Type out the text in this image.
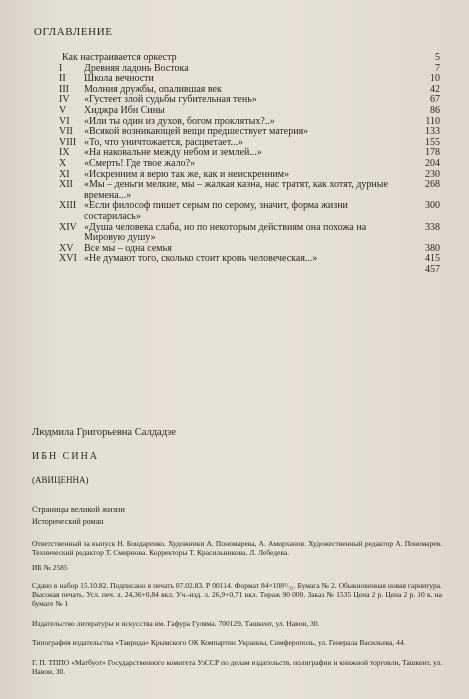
ОГЛАВЛЕНИЕ
Как настраивается оркестр	5
I	Древняя ладонь Востока	7
II	Школа вечности	10
III	Молния дружбы, опалившая век	42
IV	«Густеет злой судьбы губительная тень»	67
V	Хиджра Ибн Сины	86
VI	«Или ты один из духов, богом проклятых?..»	110
VII	«Всякой возникающей вещи предшествует материя»	133
VIII «То, что уничтожается, расцветает...»	155
IX	«На наковальне между небом и землей...»	178
X	«Смерть! Где твое жало?»	204
XI	«Искренним я верю так же, как и неискренним»	230
XII	«Мы – деньги мелкие, мы – жалкая казна, нас тратят, как хотят, дурные времена...»
268
XIII «Если философ пишет серым по серому, значит, форма жизни состарилась»
300
XIV «Душа человека слаба, но по некоторым действиям она похожа на Мировую душу»
338
XV	Все мы – одна семья	380
XVI «Не думают того, сколько стоит кровь человеческая...»	415
457
Людмила Григорьевна Салдадзе
ИБН СИНА
(АВИЦЕННА)
Страницы великой жизни
Исторический роман
Ответственный за выпуск Н. Бондаренко. Художники А. Пономарева, А. Амирханов. Художественный редактор А. Пономарев. Технический редактор Т. Смирнова. Корректоры Т. Красильникова, Л. Лебедева.
ИБ № 2585
Сдано в набор 15.10.82. Подписано в печать 07.02.83. Р 00114. Формат 84×108¹/₃₂. Бумага № 2. Обыкновенная новая гарнитура. Высокая печать. Усл. печ. л. 24,36+0,84 вкл. Уч.-изд. л. 26,9+0,71 вкл. Тираж 90 000. Заказ № 1535 Цена 2 р. Цена 2 р. 10 к. на бумаге № 1
Издательство литературы и искусства им. Гафура Гуляма. 700129, Ташкент, ул. Навои, 30.
Типография издательства «Таврида» Крымского ОК Компартии Украины, Симферополь, ул. Генерала Васильева, 44.
Г. П. ТППО «Матбуот» Государственного комитета УзССР по делам издательств, полиграфии и книжной торговли, Ташкент, ул. Навои, 30.
